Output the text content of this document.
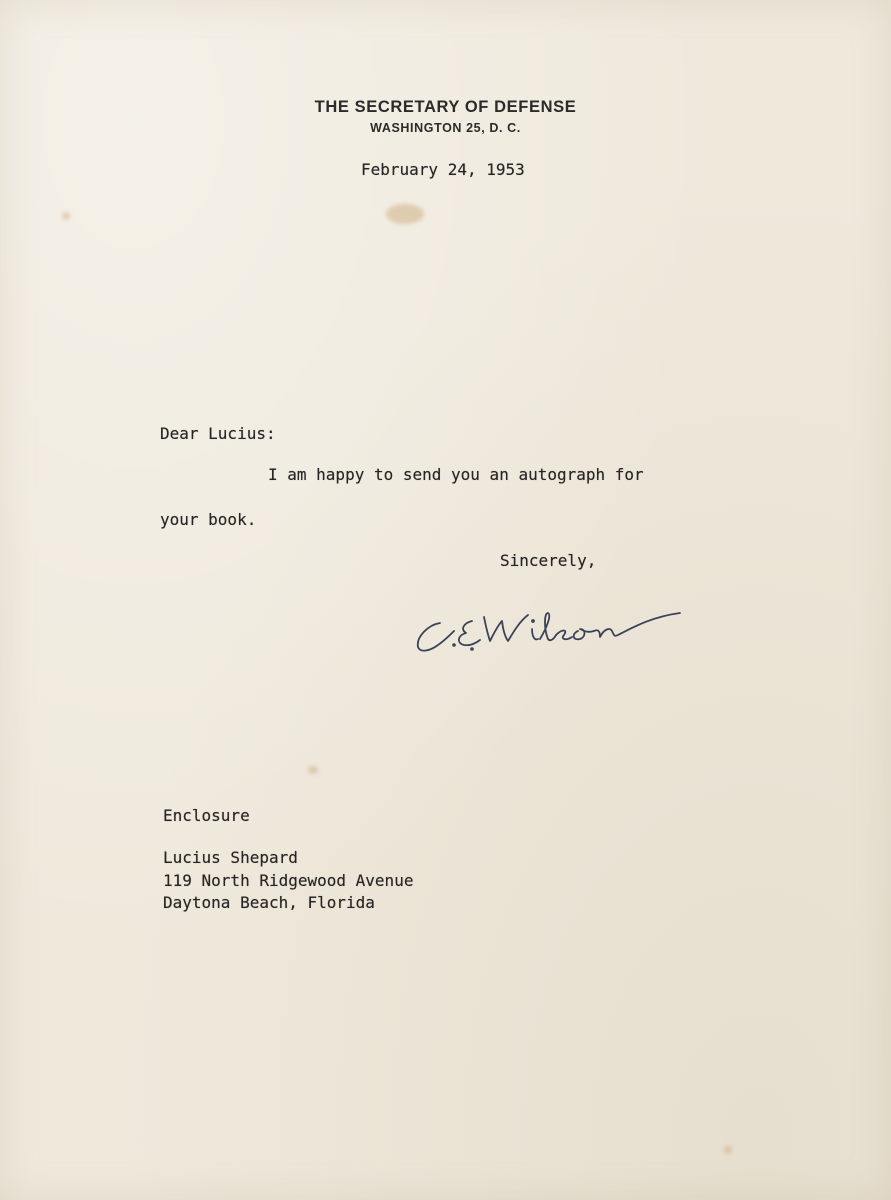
THE SECRETARY OF DEFENSE
WASHINGTON 25, D. C.
February 24, 1953
Dear Lucius:
I am happy to send you an autograph for
your book.
Sincerely,
Enclosure
Lucius Shepard
119 North Ridgewood Avenue
Daytona Beach, Florida
